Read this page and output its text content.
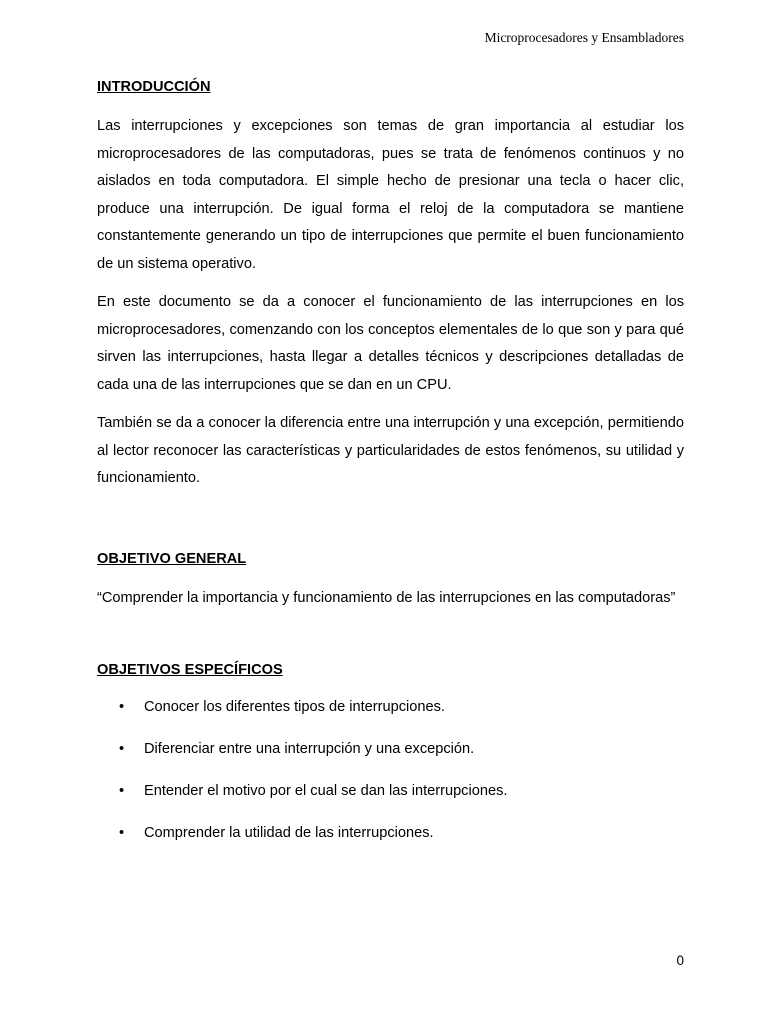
Microprocesadores y Ensambladores
INTRODUCCIÓN

Las interrupciones y excepciones son temas de gran importancia al estudiar los microprocesadores de las computadoras, pues se trata de fenómenos continuos y no aislados en toda computadora. El simple hecho de presionar una tecla o hacer clic, produce una interrupción. De igual forma el reloj de la computadora se mantiene constantemente generando un tipo de interrupciones que permite el buen funcionamiento de un sistema operativo.

En este documento se da a conocer el funcionamiento de las interrupciones en los microprocesadores, comenzando con los conceptos elementales de lo que son y para qué sirven las interrupciones, hasta llegar a detalles técnicos y descripciones detalladas de cada una de las interrupciones que se dan en un CPU.

También se da a conocer la diferencia entre una interrupción y una excepción, permitiendo al lector reconocer las características y particularidades de estos fenómenos, su utilidad y funcionamiento.

OBJETIVO GENERAL

“Comprender la importancia y funcionamiento de las interrupciones en las computadoras”

OBJETIVOS ESPECÍFICOS
• Conocer los diferentes tipos de interrupciones.
• Diferenciar entre una interrupción y una excepción.
• Entender el motivo por el cual se dan las interrupciones.
• Comprender la utilidad de las interrupciones.
0
